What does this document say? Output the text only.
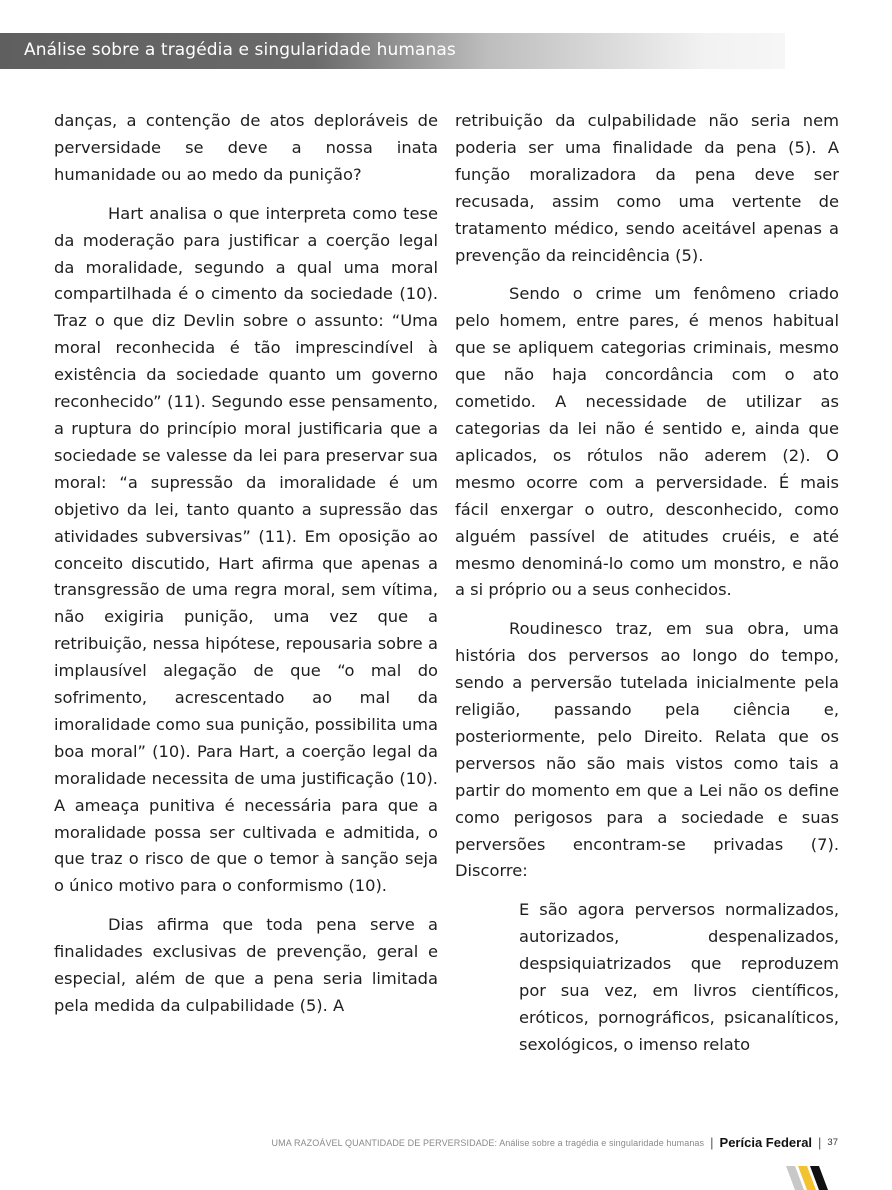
Análise sobre a tragédia e singularidade humanas

danças, a contenção de atos deploráveis de perversidade se deve a nossa inata humanidade ou ao medo da punição?

Hart analisa o que interpreta como tese da moderação para justificar a coerção legal da moralidade, segundo a qual uma moral compartilhada é o cimento da sociedade (10). Traz o que diz Devlin sobre o assunto: “Uma moral reconhecida é tão imprescindível à existência da sociedade quanto um governo reconhecido” (11). Segundo esse pensamento, a ruptura do princípio moral justificaria que a sociedade se valesse da lei para preservar sua moral: “a supressão da imoralidade é um objetivo da lei, tanto quanto a supressão das atividades subversivas” (11). Em oposição ao conceito discutido, Hart afirma que apenas a transgressão de uma regra moral, sem vítima, não exigiria punição, uma vez que a retribuição, nessa hipótese, repousaria sobre a implausível alegação de que “o mal do sofrimento, acrescentado ao mal da imoralidade como sua punição, possibilita uma boa moral” (10). Para Hart, a coerção legal da moralidade necessita de uma justificação (10). A ameaça punitiva é necessária para que a moralidade possa ser cultivada e admitida, o que traz o risco de que o temor à sanção seja o único motivo para o conformismo (10).

Dias afirma que toda pena serve a finalidades exclusivas de prevenção, geral e especial, além de que a pena seria limitada pela medida da culpabilidade (5). A

retribuição da culpabilidade não seria nem poderia ser uma finalidade da pena (5). A função moralizadora da pena deve ser recusada, assim como uma vertente de tratamento médico, sendo aceitável apenas a prevenção da reincidência (5).

Sendo o crime um fenômeno criado pelo homem, entre pares, é menos habitual que se apliquem categorias criminais, mesmo que não haja concordância com o ato cometido. A necessidade de utilizar as categorias da lei não é sentido e, ainda que aplicados, os rótulos não aderem (2). O mesmo ocorre com a perversidade. É mais fácil enxergar o outro, desconhecido, como alguém passível de atitudes cruéis, e até mesmo denominá-lo como um monstro, e não a si próprio ou a seus conhecidos.

Roudinesco traz, em sua obra, uma história dos perversos ao longo do tempo, sendo a perversão tutelada inicialmente pela religião, passando pela ciência e, posteriormente, pelo Direito. Relata que os perversos não são mais vistos como tais a partir do momento em que a Lei não os define como perigosos para a sociedade e suas perversões encontram-se privadas (7). Discorre:

E são agora perversos normalizados, autorizados, despenalizados, despsiquiatrizados que reproduzem por sua vez, em livros científicos, eróticos, pornográficos, psicanalíticos, sexológicos, o imenso relato

UMA RAZOÁVEL QUANTIDADE DE PERVERSIDADE: Análise sobre a tragédia e singularidade humanas | Perícia Federal | 37
